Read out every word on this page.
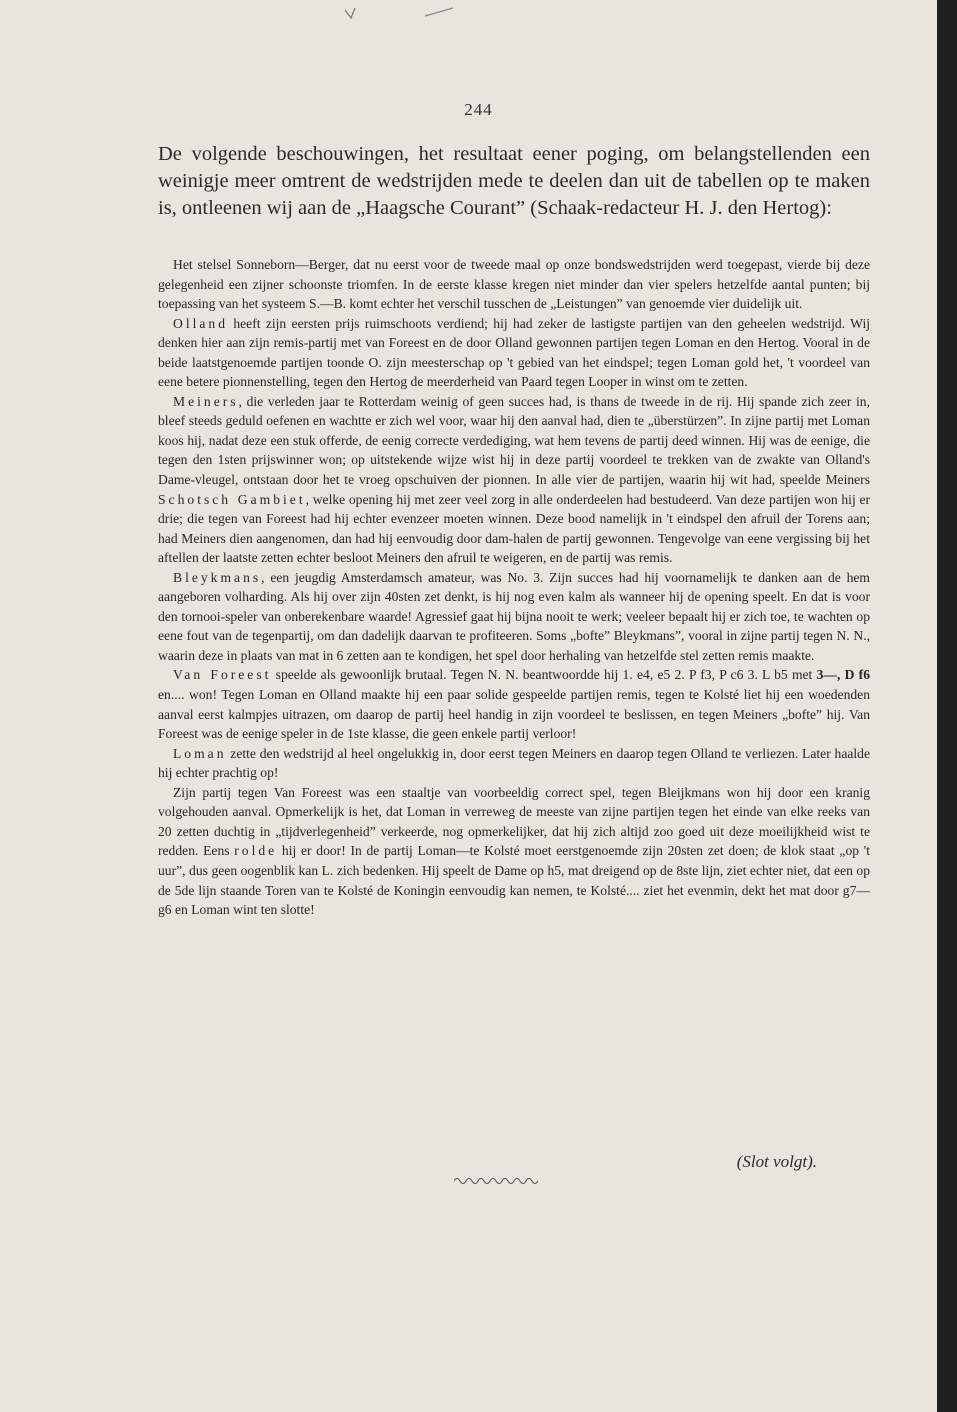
244

De volgende beschouwingen, het resultaat eener poging, om belangstellenden een weinigje meer omtrent de wedstrijden mede te deelen dan uit de tabellen op te maken is, ontleenen wij aan de „Haagsche Courant” (Schaak-redacteur H. J. den Hertog):

Het stelsel Sonneborn—Berger, dat nu eerst voor de tweede maal op onze bondswedstrijden werd toegepast, vierde bij deze gelegenheid een zijner schoonste triomfen. In de eerste klasse kregen niet minder dan vier spelers hetzelfde aantal punten; bij toepassing van het systeem S.—B. komt echter het verschil tusschen de „Leistungen” van genoemde vier duidelijk uit.

Olland heeft zijn eersten prijs ruimschoots verdiend; hij had zeker de lastigste partijen van den geheelen wedstrijd. Wij denken hier aan zijn remis-partij met van Foreest en de door Olland gewonnen partijen tegen Loman en den Hertog. Vooral in de beide laatstgenoemde partijen toonde O. zijn meesterschap op 't gebied van het eindspel; tegen Loman gold het, 't voordeel van eene betere pionnenstelling, tegen den Hertog de meerderheid van Paard tegen Looper in winst om te zetten.

Meiners, die verleden jaar te Rotterdam weinig of geen succes had, is thans de tweede in de rij. Hij spande zich zeer in, bleef steeds geduld oefenen en wachtte er zich wel voor, waar hij den aanval had, dien te „überstürzen”. In zijne partij met Loman koos hij, nadat deze een stuk offerde, de eenig correcte verdediging, wat hem tevens de partij deed winnen. Hij was de eenige, die tegen den 1sten prijswinner won; op uitstekende wijze wist hij in deze partij voordeel te trekken van de zwakte van Olland's Dame-vleugel, ontstaan door het te vroeg opschuiven der pionnen. In alle vier de partijen, waarin hij wit had, speelde Meiners Schotsch Gambiet, welke opening hij met zeer veel zorg in alle onderdeelen had bestudeerd. Van deze partijen won hij er drie; die tegen van Foreest had hij echter evenzeer moeten winnen. Deze bood namelijk in 't eindspel den afruil der Torens aan; had Meiners dien aangenomen, dan had hij eenvoudig door dam-halen de partij gewonnen. Tengevolge van eene vergissing bij het aftellen der laatste zetten echter besloot Meiners den afruil te weigeren, en de partij was remis.

Bleykmans, een jeugdig Amsterdamsch amateur, was No. 3. Zijn succes had hij voornamelijk te danken aan de hem aangeboren volharding. Als hij over zijn 40sten zet denkt, is hij nog even kalm als wanneer hij de opening speelt. En dat is voor den tornooi-speler van onberekenbare waarde! Agressief gaat hij bijna nooit te werk; veeleer bepaalt hij er zich toe, te wachten op eene fout van de tegenpartij, om dan dadelijk daarvan te profiteeren. Soms „bofte” Bleykmans”, vooral in zijne partij tegen N. N., waarin deze in plaats van mat in 6 zetten aan te kondigen, het spel door herhaling van hetzelfde stel zetten remis maakte.

Van Foreest speelde als gewoonlijk brutaal. Tegen N. N. beantwoordde hij 1. e4, e5 2. P f3, P c6 3. L b5 met 3—, D f6 en.... won! Tegen Loman en Olland maakte hij een paar solide gespeelde partijen remis, tegen te Kolsté liet hij een woedenden aanval eerst kalmpjes uitrazen, om daarop de partij heel handig in zijn voordeel te beslissen, en tegen Meiners „bofte” hij. Van Foreest was de eenige speler in de 1ste klasse, die geen enkele partij verloor!

Loman zette den wedstrijd al heel ongelukkig in, door eerst tegen Meiners en daarop tegen Olland te verliezen. Later haalde hij echter prachtig op!

Zijn partij tegen Van Foreest was een staaltje van voorbeeldig correct spel, tegen Bleijkmans won hij door een kranig volgehouden aanval. Opmerkelijk is het, dat Loman in verreweg de meeste van zijne partijen tegen het einde van elke reeks van 20 zetten duchtig in „tijdverlegenheid” verkeerde, nog opmerkelijker, dat hij zich altijd zoo goed uit deze moeilijkheid wist te redden. Eens rolde hij er door! In de partij Loman—te Kolsté moet eerstgenoemde zijn 20sten zet doen; de klok staat „op 't uur”, dus geen oogenblik kan L. zich bedenken. Hij speelt de Dame op h5, mat dreigend op de 8ste lijn, ziet echter niet, dat een op de 5de lijn staande Toren van te Kolsté de Koningin eenvoudig kan nemen, te Kolsté.... ziet het evenmin, dekt het mat door g7—g6 en Loman wint ten slotte!

(Slot volgt).
